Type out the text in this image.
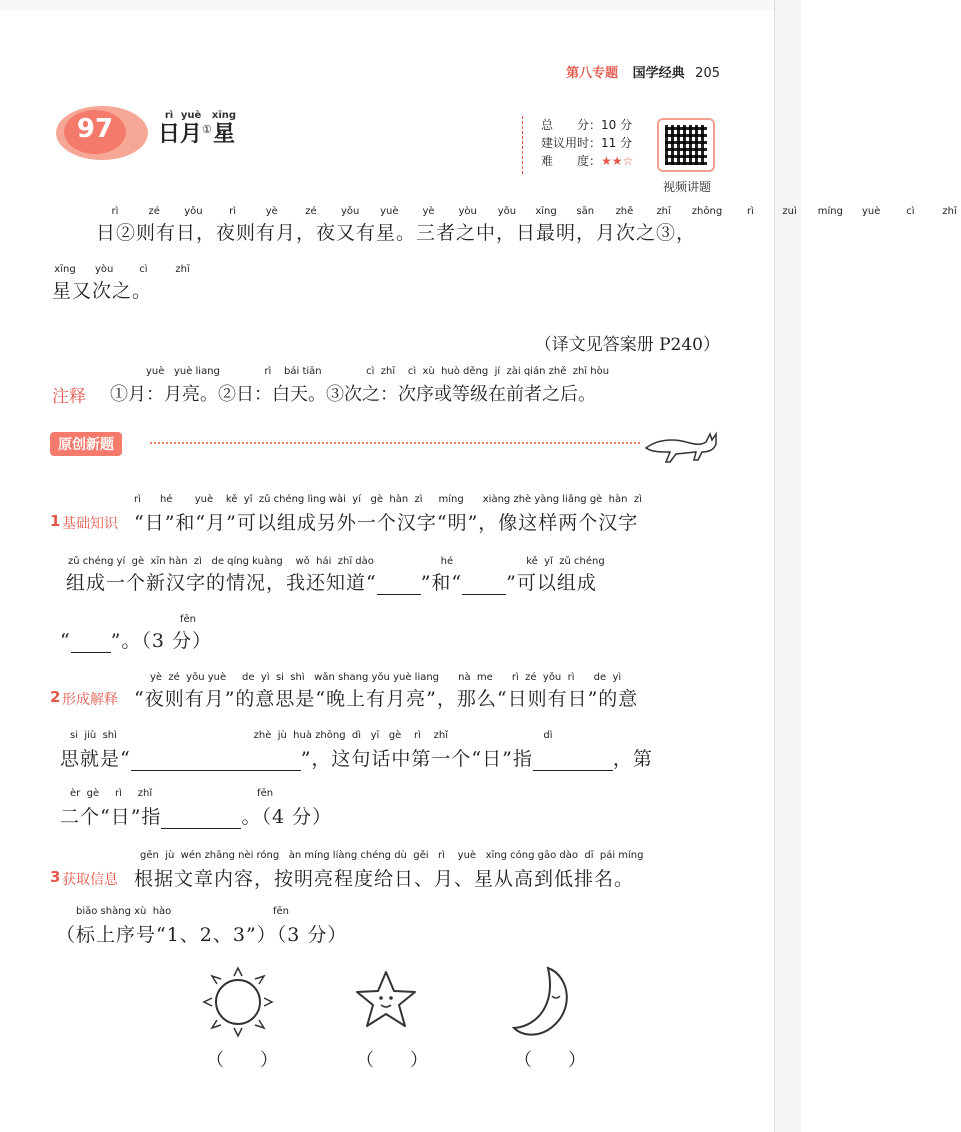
第八专题 国学经典 205
97	rì
日
yuè
月
①
xīng
星	总　　分：10 分
建议用时：11 分
难　　度：★★☆
视频讲题
rì	zé yǒu	rì	yè	zé yǒu yuè yè yòu yǒu xīng sān zhě zhī zhōng rì	zuì míng yuè	cì	zhī
日②则有日，夜则有月，夜又有星。三者之中，日最明，月次之③，
xīng yòu	cì	zhī
星又次之。
（译文见答案册 P240）
注释
yuè   yuè liang              rì    bái tiān              cì  zhī    cì  xù  huò děng  jí  zài qián zhě  zhī hòu
①月：月亮。②日：白天。③次之：次序或等级在前者之后。
原创新题
1 基础知识
rì      hé       yuè    kě  yǐ  zǔ chéng lìng wài  yí   gè  hàn  zì     míng      xiàng zhè yàng liǎng gè  hàn  zì
“日”和“月”可以组成另外一个汉字“明”，像这样两个汉字
zǔ chéng yí  gè  xīn hàn  zì   de qíng kuàng    wǒ  hái  zhī dào                     hé                       kě  yǐ  zǔ chéng
组成一个新汉字的情况，我还知道“ ”和“ ”可以组成
fēn
“ ”。（3 分）
2 形成解释
yè  zé  yǒu yuè     de  yì  si  shì   wǎn shang yǒu yuè liang      nà  me      rì  zé  yǒu  rì      de  yì
“夜则有月”的意思是“晚上有月亮”，那么“日则有日”的意
si  jiù  shì                                           zhè  jù  huà zhōng  dì   yī   gè    rì    zhǐ                              dì
思就是“	”，这句话中第一个“日”指	，第
èr  gè     rì     zhǐ                                 fēn
二个“日”指	。（4 分）
3 获取信息
gēn  jù  wén zhāng nèi róng   àn míng liàng chéng dù  gěi   rì    yuè   xīng cóng gāo dào  dī  pái míng
根据文章内容，按明亮程度给日、月、星从高到低排名。
biāo shàng xù  hào                                fēn
（标上序号“1、2、3”）（3 分）
（　　）	（　　）	（　　）
